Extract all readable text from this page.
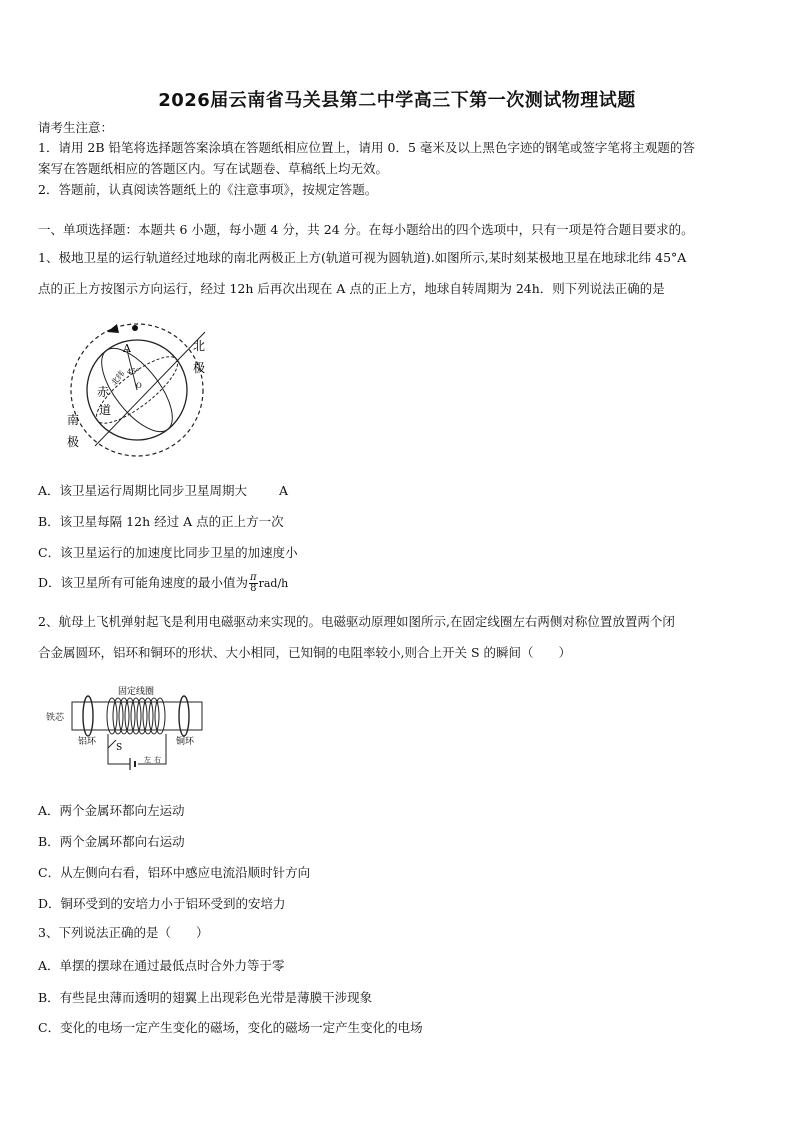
2026届云南省马关县第二中学高三下第一次测试物理试题
请考生注意：
1．请用 2B 铅笔将选择题答案涂填在答题纸相应位置上，请用 0．5 毫米及以上黑色字迹的钢笔或签字笔将主观题的答
案写在答题纸相应的答题区内。写在试题卷、草稿纸上均无效。
2．答题前，认真阅读答题纸上的《注意事项》，按规定答题。
一、单项选择题：本题共 6 小题，每小题 4 分，共 24 分。在每小题给出的四个选项中，只有一项是符合题目要求的。
1、极地卫星的运行轨道经过地球的南北两极正上方(轨道可视为圆轨道).如图所示,某时刻某极地卫星在地球北纬 45°A
点的正上方按图示方向运行，经过 12h 后再次出现在 A 点的正上方，地球自转周期为 24h．则下列说法正确的是
A	北
极
南
极
赤
道
北纬 45°
O
A．该卫星运行周期比同步卫星周期大	A
B．该卫星每隔 12h 经过 A 点的正上方一次
C．该卫星运行的加速度比同步卫星的加速度小
D．该卫星所有可能角速度的最小值为 $\frac{\pi}{8} rad/h$
2、航母上飞机弹射起飞是利用电磁驱动来实现的。电磁驱动原理如图所示,在固定线圈左右两侧对称位置放置两个闭
合金属圆环，铝环和铜环的形状、大小相同，已知铜的电阻率较小,则合上开关 S 的瞬间（　　）
固定线圈
铁芯
铝环	铜环
S
左 右
A．两个金属环都向左运动
B．两个金属环都向右运动
C．从左侧向右看，铝环中感应电流沿顺时针方向
D．铜环受到的安培力小于铝环受到的安培力
3、下列说法正确的是（　　）
A．单摆的摆球在通过最低点时合外力等于零
B．有些昆虫薄而透明的翅翼上出现彩色光带是薄膜干涉现象
C．变化的电场一定产生变化的磁场，变化的磁场一定产生变化的电场
